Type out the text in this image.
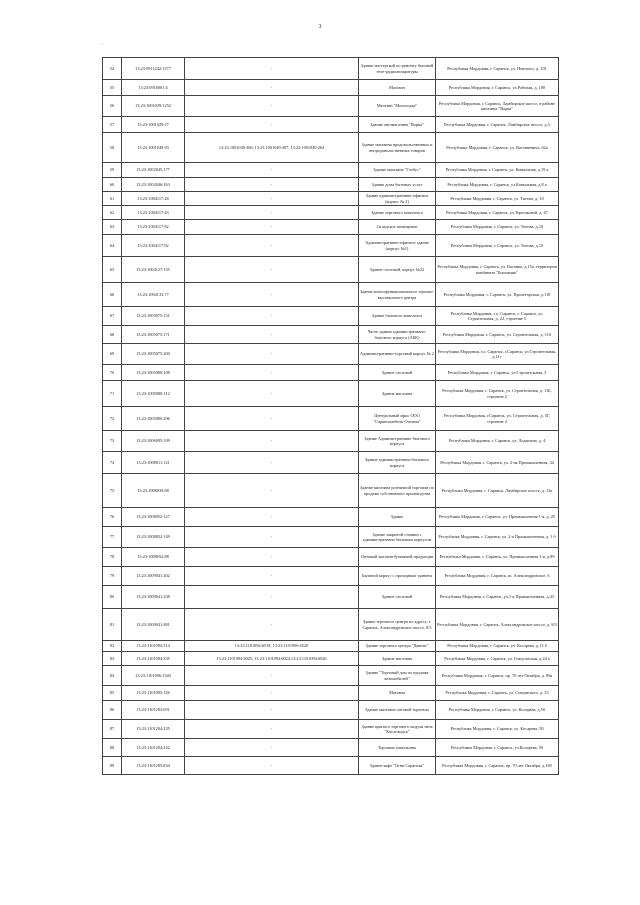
3
.
54	13:23:0911242:1377	-	Здание мастерской по ремонту бытовой теле-радиоаппаратуры	Республика Мордовия, г. Саранск, ул. Невского, д. 101
55	13:23:0916001:4	-	Магазин	Республика Мордовия, г. Саранск, ул.Рабочая, д. 100
56	13:23:1001029:1252	-	Магазин "Мотолодка"	Республика Мордовия, г. Саранск, Ламбирское шоссе, в районе магазина "Ворка"
57	13:23:1001029:27	-	Здание автомагазина "Ворка"	Республика Мордовия, г. Саранск, Ламбирское шоссе, д.3
58	13:23:1001049:93	13:23:1001049:306, 13:23:1001049:307, 13:23:1001049:264	Здание магазина продовольственных и непродовольственных товаров	Республика Мордовия, г. Саранск, ул. Васенкевича, 62а
59	13:23:1002045:177	-	Здание магазина "Глобус"	Республика Мордовия, г. Саранск, ул. Ковыльная, д.19 а
60	13:23:1002046:163	-	Здание дома бытовых услуг	Республика Мордовия, г. Саранск, ул.Ковыльная, д.8 а
61	13:23:1004117:28	-	Здание административно-офисное (корпус № 2)	Республика Мордовия, г. Саранск, ул. Титова, д. 10
62	13:23:1004117:43	-	Здание торгового комплекса	Республика Мордовия, г. Саранск, ул.Терешковой, д. 67
63	13:23:1004117:82	-	Складское помещение	Республика Мордовия, г. Саранск, ул. Титова, д.10
64	13:23:1004117:92	-	Административно-офисное здание (корпус №1)	Республика Мордовия, г. Саранск, ул. Титова, д.10
65	13:23:1004127:135	-	Здание столовой, корпус №22	Республика Мордовия, г. Саранск, ул. Васенко, д.15а, территория комбината "Биохимик"
66	13:23:1004133:77	-	Здание многофункционального торгово-выставочного центра	Республика Мордовия, г. Саранск, ул. Пролетарская, д.118
67	13:23:1005075:131	-	Здание бытового комплекса	Республика Мордовия, г.о. Саранск, г. Саранск, ул. Строительная, д. 22, строение 5
68	13:23:1005075:171	-	Часть здания административно-бытового корпуса (АБК)	Республика Мордовия, г. Саранск, ул. Строительная, д. 11б
69	13:23:1005075:200	-	Административно-торговый корпус № 2	Республика Мордовия, г.о. Саранск, г.Саранск, ул.Строительная, д.11г
70	13:23:1005080:108	-	Здание столовой	Республика Мордовия, г. Саранск, ул.Строительная, 3
71	13:23:1005080:112	-	Здание магазина	Республика Мордовия, г. Саранск, ул. Строительная, д. 11Б, строение 2
72	13:23:1005080:296	-	Центральный офис ООО "Саранскмебель-Оптима"	Республика Мордовия, г.Саранск, ул. Строительная, д. 5Г, строение 2
73	13:23:1006095:109	-	Здание Административно-бытового корпуса	Республика Мордовия, г. Саранск, ул. Лодыгина, д. 4
74	13:23:1008011:121	-	Здание административно-бытового корпуса	Республика Мордовия, г. Саранск, ул. 2-ая Промышленная, 34
75	13:23:1008039:68	-	Здание магазина розничной торговли по продаже собственного производства	Республика Мордовия, г. Саранск, Ламбирское шоссе, д. 12к
76	13:23:1008052:127	-	Здание	Республика Мордовия, г. Саранск, ул. Промышленная 1-я, д. 25
77	13:23:1008052:149	-	Здание закрытой стоянки с административно-бытовым корпусом	Республика Мордовия, г. Саранск, ул. 2-я Промышленная, д. 1 б
78	13:23:1008052:88	-	Оптовый магазин бумажной продукции	Республика Мордовия, г. Саранск, ул. Промышленная 1-я, д.89
79	13:23:1009041:202	-	Бытовой корпус с проходным зданием	Республика Мордовия, г. Саранск, ш. Александровское, 6
80	13:23:1009041:238	-	Здание столовой	Республика Мордовия, г. Саранск, ул.1-я Промышленная, д.43
81	13:23:1009041:481	-	Здание торгового центра по адресу: г. Саранск, Александровское шоссе, 8/3	Республика Мордовия, г. Саранск, Александровское шоссе, д. 8/3
82	13:23:1101094:314	13:23:1101094:6518, 13:23:1101096:6520	Здание торгового центра "Давинс"	Республика Мордовия, г. Саранск, ул. Косарева, д.13 б
83	13:23:1101094:335	13:23:1101094:6025, 13:23:1101094:6024,13:23:1101094:6026	Здание магазина	Республика Мордовия, г. Саранск, ул. Гожуговская, д.24 а
84	13:23:1101096:1340	-	Здание "Торговый дом по продаже автомобилей"	Республика Мордовия, г. Саранск, пр. 70 лет Октября, д. 86а
85	13:23:1101095:126	-	Магазин	Республика Мордовия, г. Саранск, ул. Сущинского, д. 33
86	13:23:1101203:691	-	Здание магазина оптовой торговли	Республика Мордовия, г. Саранск, ул. Косарева, д.5б
87	13:23:1101204:235	-	Здание крытого торгового модуля типа "Кисловодск"	Республика Мордовия, г. Саранск, ул. Косарева, 50
88	13:23:1101204:242	-	Торговые павильоны	Республика Мордовия, г. Саранск, ул.Косарева, 50
89	13:23:1101205:834	-	Здание кафе "Огни Саранска"	Республика Мордовия, г. Саранск, пр. 70 лет Октября, д.169
